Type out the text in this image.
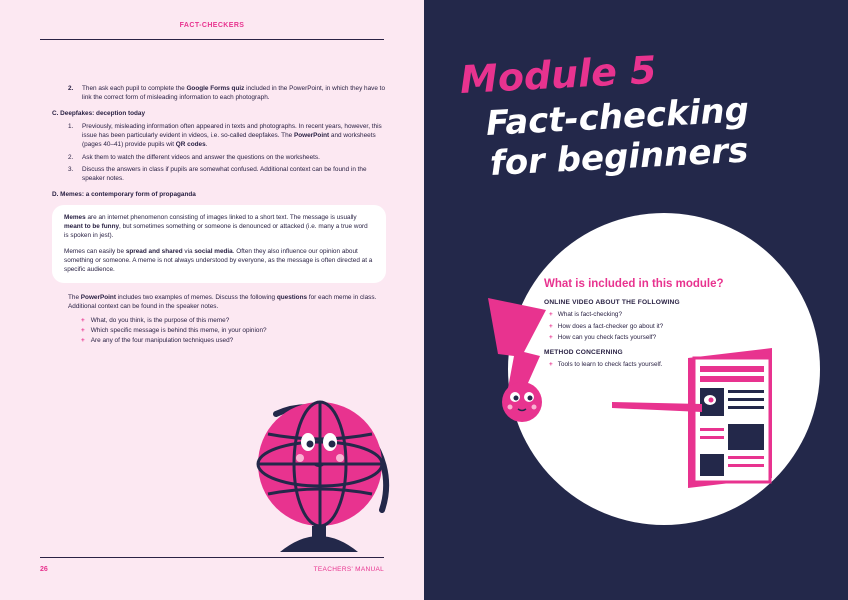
FACT-CHECKERS
2.	Then ask each pupil to complete the Google Forms quiz included in the PowerPoint, in which they have to link the correct form of misleading information to each photograph.
C. Deepfakes: deception today
1.	Previously, misleading information often appeared in texts and photographs. In recent years, however, this issue has been particularly evident in videos, i.e. so-called deepfakes. The PowerPoint and worksheets (pages 40–41) provide pupils wit QR codes.
2.	Ask them to watch the different videos and answer the questions on the worksheets.
3.	Discuss the answers in class if pupils are somewhat confused. Additional context can be found in the speaker notes.
D. Memes: a contemporary form of propaganda

Memes are an internet phenomenon consisting of images linked to a short text. The message is usually meant to be funny, but sometimes something or someone is denounced or attacked (i.e. many a true word is spoken in jest).

Memes can easily be spread and shared via social media. Often they also influence our opinion about something or someone. A meme is not always understood by everyone, as the message is often directed at a specific audience.

The PowerPoint includes two examples of memes. Discuss the following questions for each meme in class. Additional context can be found in the speaker notes.

+ What, do you think, is the purpose of this meme?
+ Which specific message is behind this meme, in your opinion?
+ Are any of the four manipulation techniques used?
26	TEACHERS' MANUAL
Module 5
Fact-checking
for beginners
What is included in this module?
ONLINE VIDEO ABOUT THE FOLLOWING
+ What is fact-checking?
+ How does a fact-checker go about it?
+ How can you check facts yourself?
METHOD CONCERNING
+ Tools to learn to check facts yourself.
